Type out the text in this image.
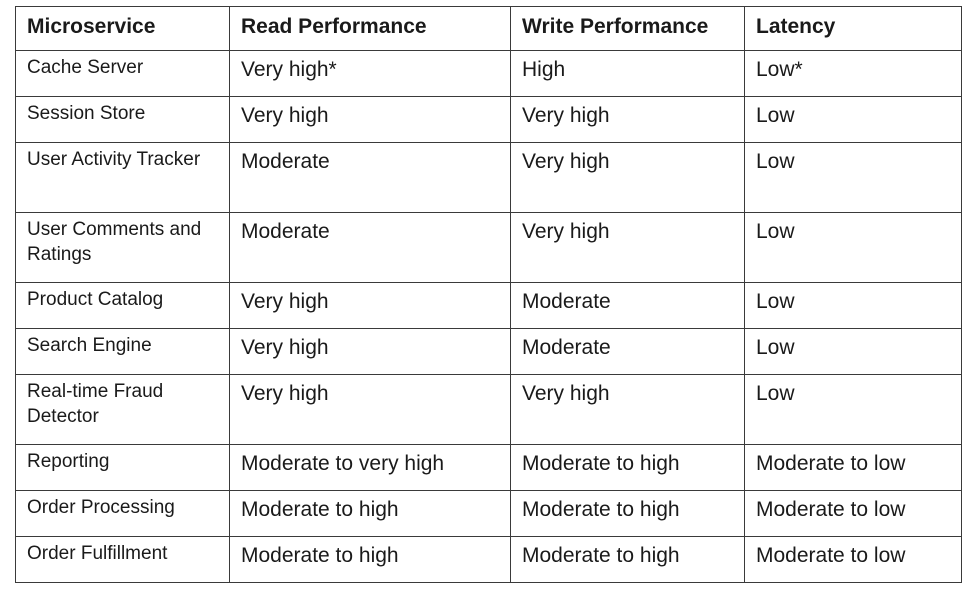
Microservice	Read Performance	Write Performance	Latency
Cache Server	Very high*	High	Low*
Session Store	Very high	Very high	Low
User Activity Tracker	Moderate	Very high	Low
User Comments and Ratings	Moderate	Very high	Low
Product Catalog	Very high	Moderate	Low
Search Engine	Very high	Moderate	Low
Real-time Fraud Detector	Very high	Very high	Low
Reporting	Moderate to very high	Moderate to high	Moderate to low
Order Processing	Moderate to high	Moderate to high	Moderate to low
Order Fulfillment	Moderate to high	Moderate to high	Moderate to low
